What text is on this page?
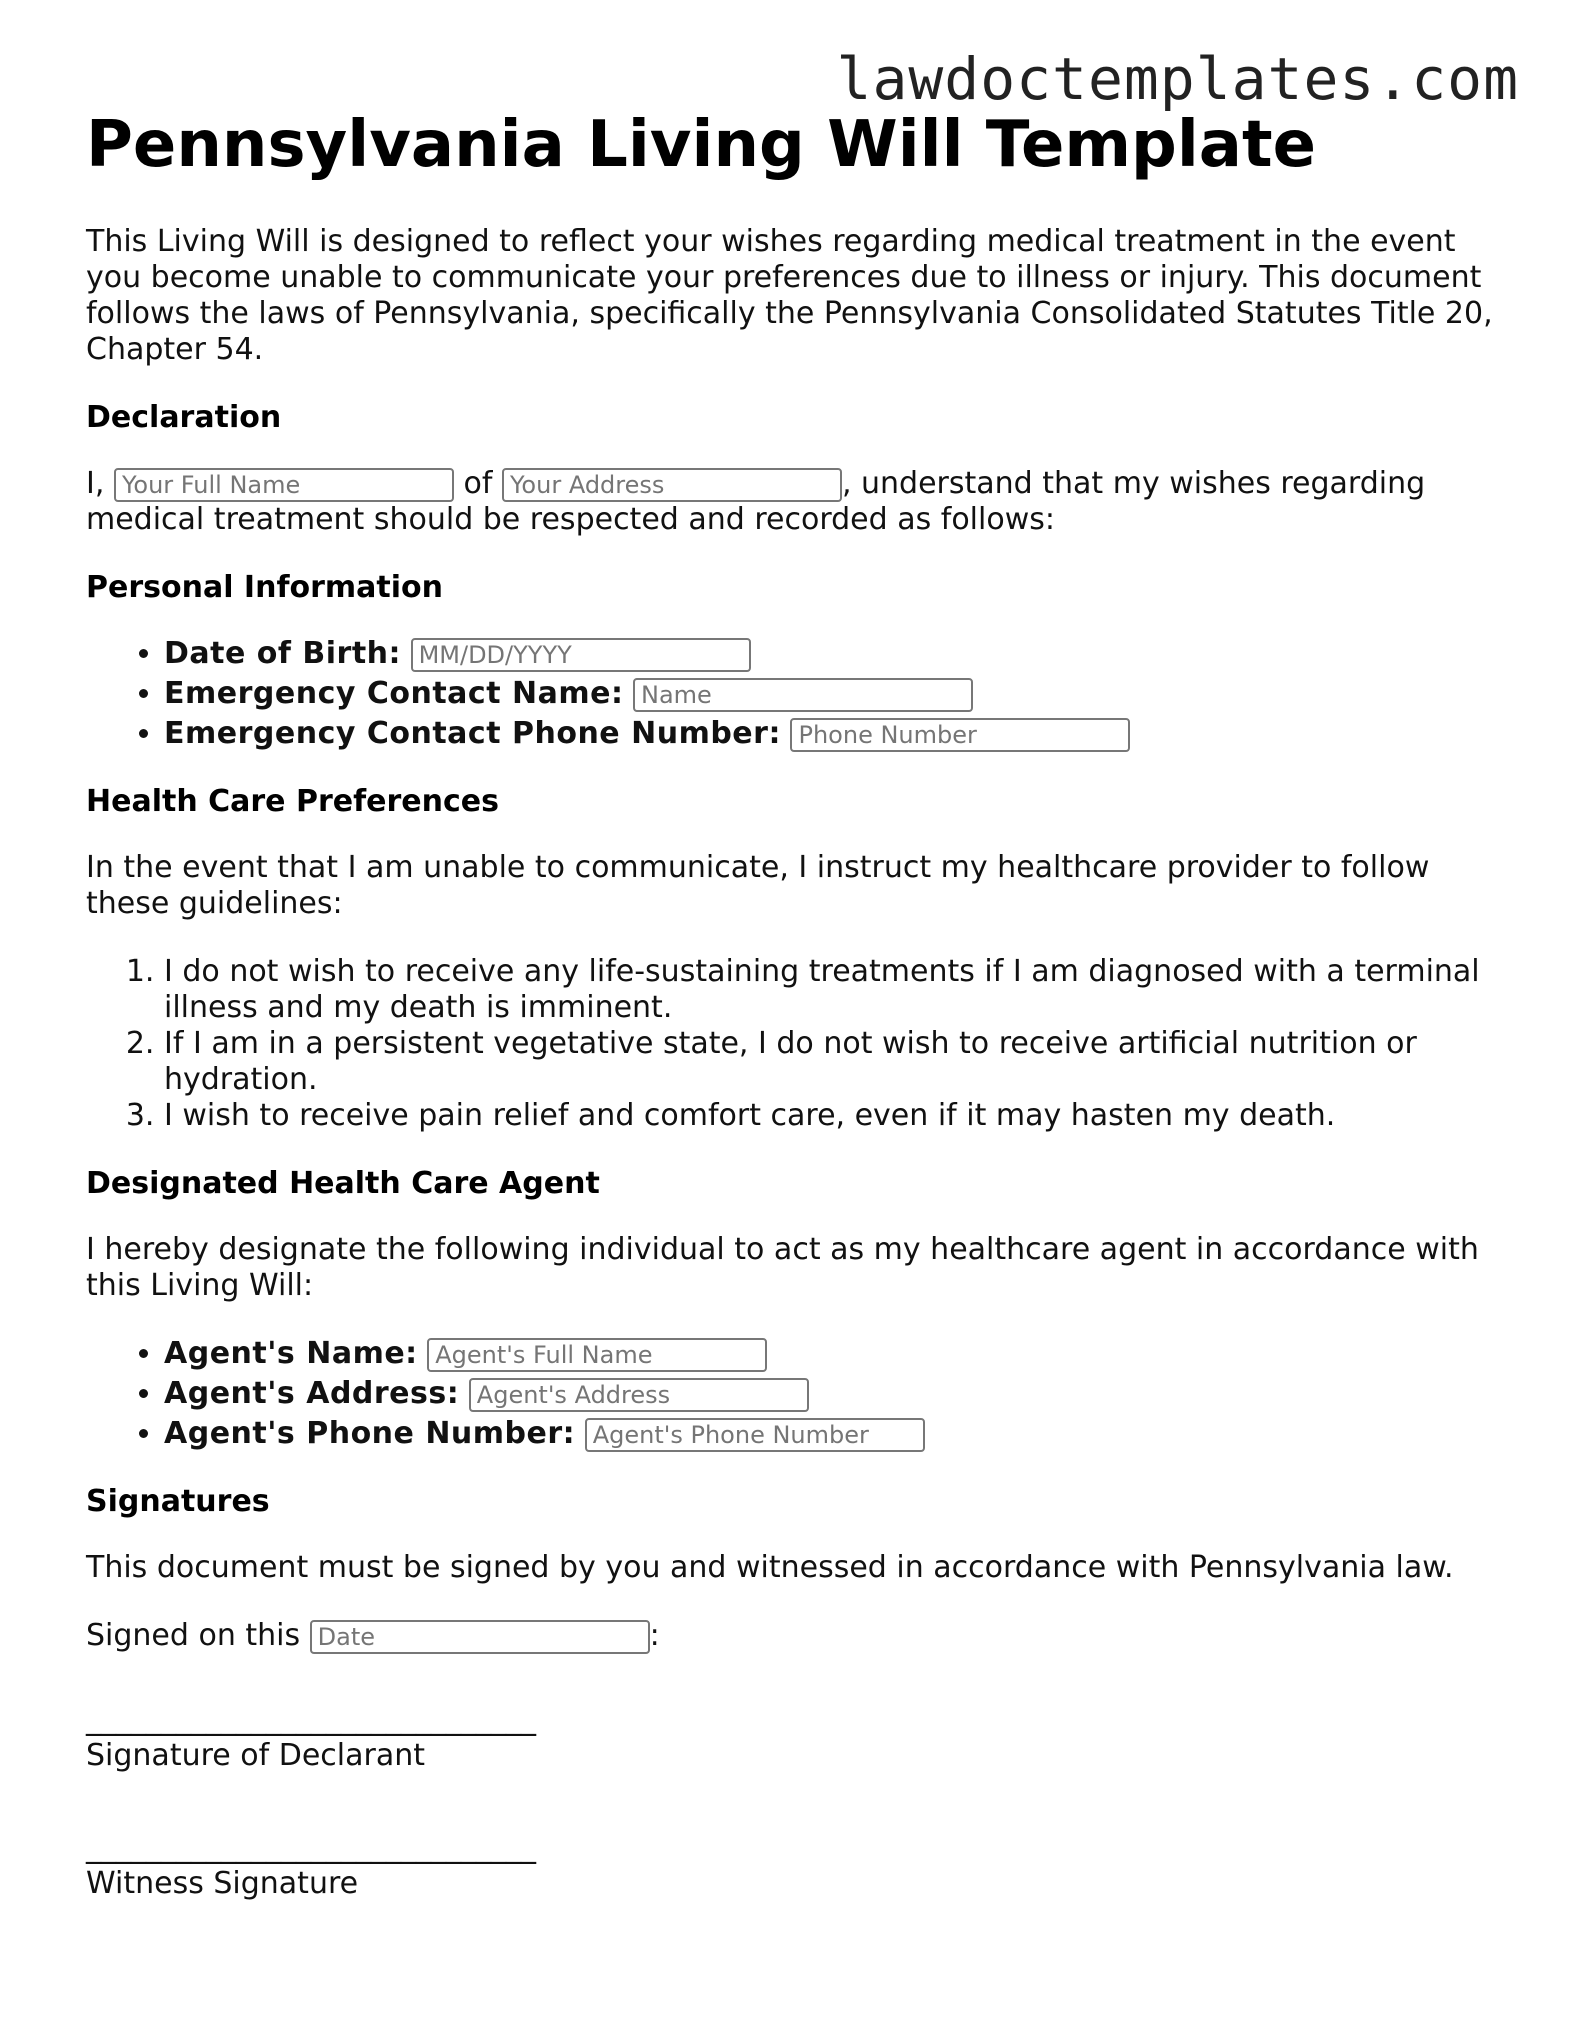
lawdoctemplates.com
Pennsylvania Living Will Template

This Living Will is designed to reflect your wishes regarding medical treatment in the event you become unable to communicate your preferences due to illness or injury. This document follows the laws of Pennsylvania, specifically the Pennsylvania Consolidated Statutes Title 20, Chapter 54.

Declaration

I, Your Full Name	of Your Address	, understand that my wishes regarding medical treatment should be respected and recorded as follows:

Personal Information
• Date of Birth: MM/DD/YYYY
• Emergency Contact Name: Name
• Emergency Contact Phone Number: Phone Number
Health Care Preferences

In the event that I am unable to communicate, I instruct my healthcare provider to follow these guidelines:

1. I do not wish to receive any life-sustaining treatments if I am diagnosed with a terminal illness and my death is imminent.
2. If I am in a persistent vegetative state, I do not wish to receive artificial nutrition or hydration.
3. I wish to receive pain relief and comfort care, even if it may hasten my death.
Designated Health Care Agent

I hereby designate the following individual to act as my healthcare agent in accordance with this Living Will:

• Agent's Name: Agent's Full Name
• Agent's Address: Agent's Address
• Agent's Phone Number: Agent's Phone Number
Signatures

This document must be signed by you and witnessed in accordance with Pennsylvania law.

Signed on this Date	:

______________________________
Signature of Declarant
______________________________
Witness Signature
